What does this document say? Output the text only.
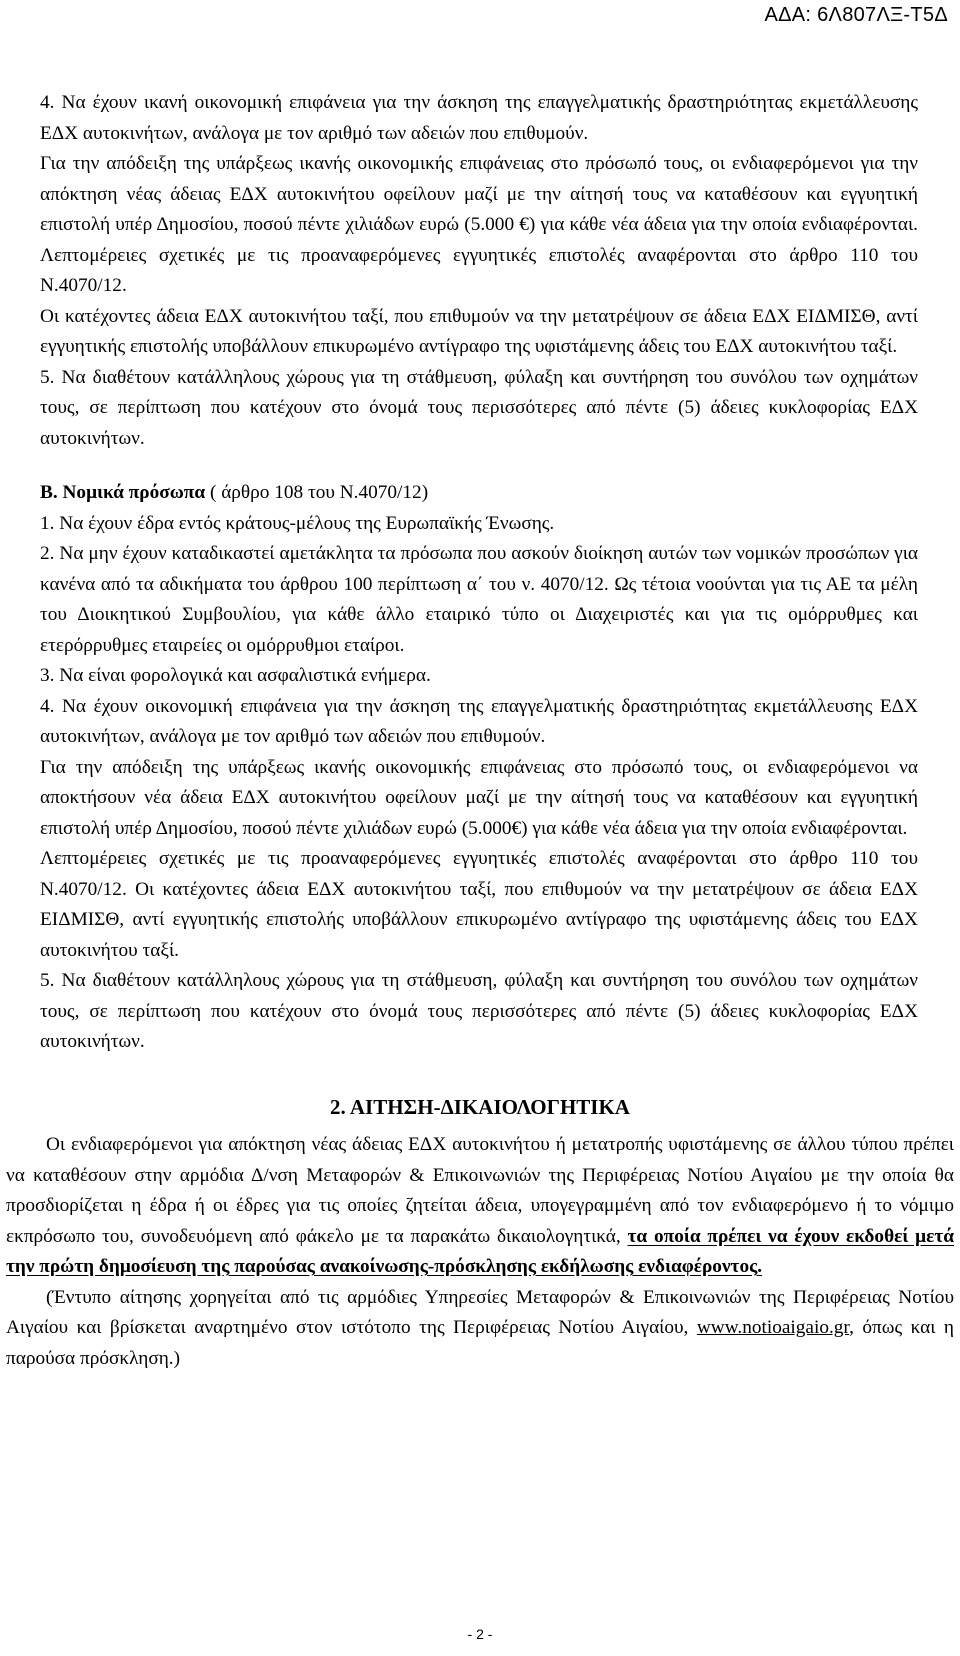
ΑΔΑ: 6Λ807ΛΞ-Τ5Δ

4. Να έχουν ικανή οικονομική επιφάνεια για την άσκηση της επαγγελματικής δραστηριότητας εκμετάλλευσης ΕΔΧ αυτοκινήτων, ανάλογα με τον αριθμό των αδειών που επιθυμούν.

Για την απόδειξη της υπάρξεως ικανής οικονομικής επιφάνειας στο πρόσωπό τους, οι ενδιαφερόμενοι για την απόκτηση νέας άδειας ΕΔΧ αυτοκινήτου οφείλουν μαζί με την αίτησή τους να καταθέσουν και εγγυητική επιστολή υπέρ Δημοσίου, ποσού πέντε χιλιάδων ευρώ (5.000 €) για κάθε νέα άδεια για την οποία ενδιαφέρονται. Λεπτομέρειες σχετικές με τις προαναφερόμενες εγγυητικές επιστολές αναφέρονται στο άρθρο 110 του Ν.4070/12.

Οι κατέχοντες άδεια ΕΔΧ αυτοκινήτου ταξί, που επιθυμούν να την μετατρέψουν σε άδεια ΕΔΧ ΕΙΔΜΙΣΘ, αντί εγγυητικής επιστολής υποβάλλουν επικυρωμένο αντίγραφο της υφιστάμενης άδεις του ΕΔΧ αυτοκινήτου ταξί.

5. Να διαθέτουν κατάλληλους χώρους για τη στάθμευση, φύλαξη και συντήρηση του συνόλου των οχημάτων τους, σε περίπτωση που κατέχουν στο όνομά τους περισσότερες από πέντε (5) άδειες κυκλοφορίας ΕΔΧ αυτοκινήτων.

Β. Νομικά πρόσωπα ( άρθρο 108 του Ν.4070/12)

1. Να έχουν έδρα εντός κράτους-μέλους της Ευρωπαϊκής Ένωσης.

2. Να μην έχουν καταδικαστεί αμετάκλητα τα πρόσωπα που ασκούν διοίκηση αυτών των νομικών προσώπων για κανένα από τα αδικήματα του άρθρου 100 περίπτωση α΄ του ν. 4070/12. Ως τέτοια νοούνται για τις ΑΕ τα μέλη του Διοικητικού Συμβουλίου, για κάθε άλλο εταιρικό τύπο οι Διαχειριστές και για τις ομόρρυθμες και ετερόρρυθμες εταιρείες οι ομόρρυθμοι εταίροι.

3. Να είναι φορολογικά και ασφαλιστικά ενήμερα.

4. Να έχουν οικονομική επιφάνεια για την άσκηση της επαγγελματικής δραστηριότητας εκμετάλλευσης ΕΔΧ αυτοκινήτων, ανάλογα με τον αριθμό των αδειών που επιθυμούν.

Για την απόδειξη της υπάρξεως ικανής οικονομικής επιφάνειας στο πρόσωπό τους, οι ενδιαφερόμενοι να αποκτήσουν νέα άδεια ΕΔΧ αυτοκινήτου οφείλουν μαζί με την αίτησή τους να καταθέσουν και εγγυητική επιστολή υπέρ Δημοσίου, ποσού πέντε χιλιάδων ευρώ (5.000€) για κάθε νέα άδεια για την οποία ενδιαφέρονται.

Λεπτομέρειες σχετικές με τις προαναφερόμενες εγγυητικές επιστολές αναφέρονται στο άρθρο 110 του Ν.4070/12. Οι κατέχοντες άδεια ΕΔΧ αυτοκινήτου ταξί, που επιθυμούν να την μετατρέψουν σε άδεια ΕΔΧ ΕΙΔΜΙΣΘ, αντί εγγυητικής επιστολής υποβάλλουν επικυρωμένο αντίγραφο της υφιστάμενης άδεις του ΕΔΧ αυτοκινήτου ταξί.

5. Να διαθέτουν κατάλληλους χώρους για τη στάθμευση, φύλαξη και συντήρηση του συνόλου των οχημάτων τους, σε περίπτωση που κατέχουν στο όνομά τους περισσότερες από πέντε (5) άδειες κυκλοφορίας ΕΔΧ αυτοκινήτων.

2. ΑΙΤΗΣΗ-ΔΙΚΑΙΟΛΟΓΗΤΙΚΑ

Οι ενδιαφερόμενοι για απόκτηση νέας άδειας ΕΔΧ αυτοκινήτου ή μετατροπής υφιστάμενης σε άλλου τύπου πρέπει να καταθέσουν στην αρμόδια Δ/νση Μεταφορών & Επικοινωνιών της Περιφέρειας Νοτίου Αιγαίου με την οποία θα προσδιορίζεται η έδρα ή οι έδρες για τις οποίες ζητείται άδεια, υπογεγραμμένη από τον ενδιαφερόμενο ή το νόμιμο εκπρόσωπο του, συνοδευόμενη από φάκελο με τα παρακάτω δικαιολογητικά, τα οποία πρέπει να έχουν εκδοθεί μετά την πρώτη δημοσίευση της παρούσας ανακοίνωσης-πρόσκλησης εκδήλωσης ενδιαφέροντος.

(Έντυπο αίτησης χορηγείται από τις αρμόδιες Υπηρεσίες Μεταφορών & Επικοινωνιών της Περιφέρειας Νοτίου Αιγαίου και βρίσκεται αναρτημένο στον ιστότοπο της Περιφέρειας Νοτίου Αιγαίου, www.notioaigaio.gr, όπως και η παρούσα πρόσκληση.)

- 2 -
